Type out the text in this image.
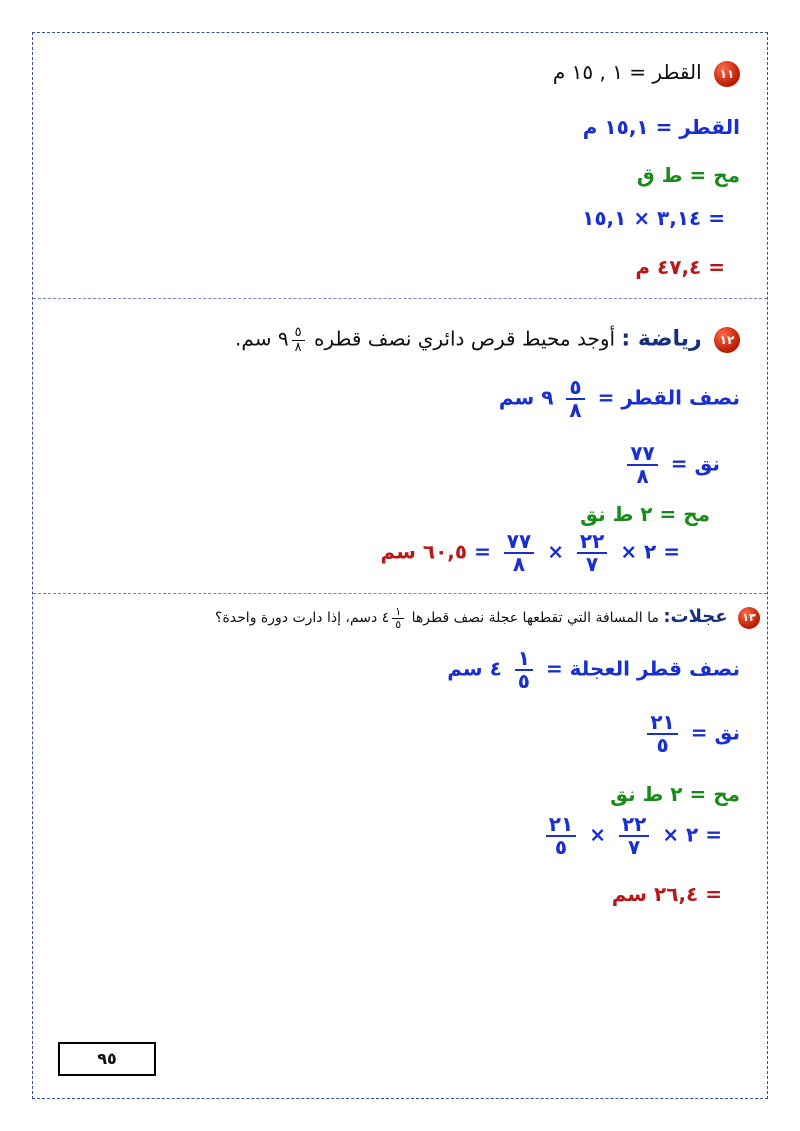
١١ القطر = ١ , ١٥ م
القطر = ١٥,١ م
مح = ط ق
= ٣,١٤ × ١٥,١
= ٤٧,٤ م
١٢ رياضة : أوجد محيط قرص دائري نصف قطره
$\frac{٥}{٨}$
٩ سم.
نصف القطر =
$\frac{٥}{٨}$
٩ سم
نق =
$\frac{٧٧}{٨}$
مح = ٢ ط نق
= ٢ ×
$\frac{٢٢}{٧}$
×
$\frac{٧٧}{٨}$
= ٦٠,٥ سم
١٣ عجلات: ما المسافة التي تقطعها عجلة نصف قطرها
$\frac{١}{٥}$
٤ دسم، إذا دارت دورة واحدة؟
نصف قطر العجلة =
$\frac{١}{٥}$
٤ سم
نق =
$\frac{٢١}{٥}$
مح = ٢ ط نق
= ٢ ×
$\frac{٢٢}{٧}$
×
$\frac{٢١}{٥}$
= ٢٦,٤ سم
٩٥
